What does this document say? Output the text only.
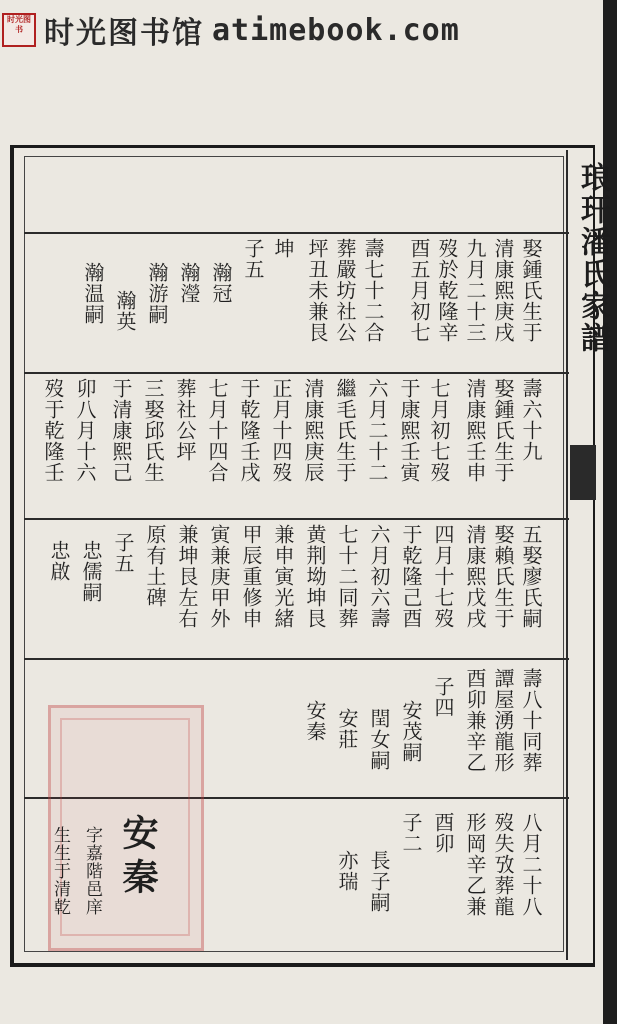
时光图书 时光图书馆 atimebook.com
琅玕潘氏家譜
娶鍾氏生于
清康熙庚戌
九月二十三
歿於乾隆辛
酉五月初七
壽七十二合
葬嚴坊社公
坪丑未兼艮
坤
子五
瀚冠
瀚瀅
瀚游嗣
瀚英
瀚温嗣
壽六十九
娶鍾氏生于
清康熙壬申
七月初七歿
于康熙壬寅
六月二十二
繼毛氏生于
清康熙庚辰
正月十四歿
于乾隆壬戌
七月十四合
葬社公坪
三娶邱氏生
于清康熙己
卯八月十六
歿于乾隆壬
五娶廖氏嗣
娶賴氏生于
清康熙戊戌
四月十七歿
于乾隆己酉
六月初六壽
七十二同葬
黄荆坳坤艮
兼申寅光緒
甲辰重修申
寅兼庚甲外
兼坤艮左右
原有土碑
子五
忠儒嗣
忠啟
壽八十同葬
譚屋湧龍形
酉卯兼辛乙
子四
安茂嗣
閏女嗣
安莊
安秦
八月二十八
歿失攷葬龍
形岡辛乙兼
酉卯
子二
長子嗣
亦瑞
安秦
字嘉階邑庠
生生于清乾
